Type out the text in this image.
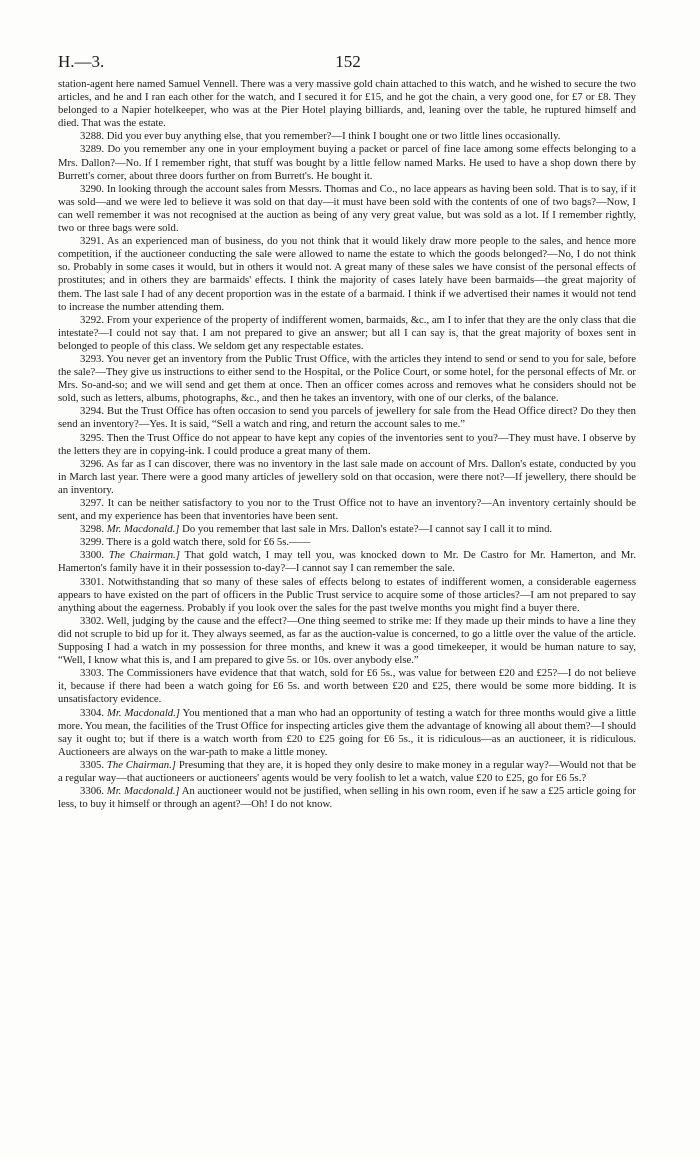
H.—3.	152

station-agent here named Samuel Vennell. There was a very massive gold chain attached to this watch, and he wished to secure the two articles, and he and I ran each other for the watch, and I secured it for £15, and he got the chain, a very good one, for £7 or £8. They belonged to a Napier hotelkeeper, who was at the Pier Hotel playing billiards, and, leaning over the table, he ruptured himself and died. That was the estate.

3288. Did you ever buy anything else, that you remember?—I think I bought one or two little lines occasionally.

3289. Do you remember any one in your employment buying a packet or parcel of fine lace among some effects belonging to a Mrs. Dallon?—No. If I remember right, that stuff was bought by a little fellow named Marks. He used to have a shop down there by Burrett's corner, about three doors further on from Burrett's. He bought it.

3290. In looking through the account sales from Messrs. Thomas and Co., no lace appears as having been sold. That is to say, if it was sold—and we were led to believe it was sold on that day—it must have been sold with the contents of one of two bags?—Now, I can well remember it was not recognised at the auction as being of any very great value, but was sold as a lot. If I remember rightly, two or three bags were sold.

3291. As an experienced man of business, do you not think that it would likely draw more people to the sales, and hence more competition, if the auctioneer conducting the sale were allowed to name the estate to which the goods belonged?—No, I do not think so. Probably in some cases it would, but in others it would not. A great many of these sales we have consist of the personal effects of prostitutes; and in others they are barmaids' effects. I think the majority of cases lately have been barmaids—the great majority of them. The last sale I had of any decent proportion was in the estate of a barmaid. I think if we advertised their names it would not tend to increase the number attending them.

3292. From your experience of the property of indifferent women, barmaids, &c., am I to infer that they are the only class that die intestate?—I could not say that. I am not prepared to give an answer; but all I can say is, that the great majority of boxes sent in belonged to people of this class. We seldom get any respectable estates.

3293. You never get an inventory from the Public Trust Office, with the articles they intend to send or send to you for sale, before the sale?—They give us instructions to either send to the Hospital, or the Police Court, or some hotel, for the personal effects of Mr. or Mrs. So-and-so; and we will send and get them at once. Then an officer comes across and removes what he considers should not be sold, such as letters, albums, photographs, &c., and then he takes an inventory, with one of our clerks, of the balance.

3294. But the Trust Office has often occasion to send you parcels of jewellery for sale from the Head Office direct? Do they then send an inventory?—Yes. It is said, “Sell a watch and ring, and return the account sales to me.”

3295. Then the Trust Office do not appear to have kept any copies of the inventories sent to you?—They must have. I observe by the letters they are in copying-ink. I could produce a great many of them.

3296. As far as I can discover, there was no inventory in the last sale made on account of Mrs. Dallon's estate, conducted by you in March last year. There were a good many articles of jewellery sold on that occasion, were there not?—If jewellery, there should be an inventory.

3297. It can be neither satisfactory to you nor to the Trust Office not to have an inventory?—An inventory certainly should be sent, and my experience has been that inventories have been sent.

3298. Mr. Macdonald.] Do you remember that last sale in Mrs. Dallon's estate?—I cannot say I call it to mind.

3299. There is a gold watch there, sold for £6 5s.——

3300. The Chairman.] That gold watch, I may tell you, was knocked down to Mr. De Castro for Mr. Hamerton, and Mr. Hamerton's family have it in their possession to-day?—I cannot say I can remember the sale.

3301. Notwithstanding that so many of these sales of effects belong to estates of indifferent women, a considerable eagerness appears to have existed on the part of officers in the Public Trust service to acquire some of those articles?—I am not prepared to say anything about the eagerness. Probably if you look over the sales for the past twelve months you might find a buyer there.

3302. Well, judging by the cause and the effect?—One thing seemed to strike me: If they made up their minds to have a line they did not scruple to bid up for it. They always seemed, as far as the auction-value is concerned, to go a little over the value of the article. Supposing I had a watch in my possession for three months, and knew it was a good timekeeper, it would be human nature to say, “Well, I know what this is, and I am prepared to give 5s. or 10s. over anybody else.”

3303. The Commissioners have evidence that that watch, sold for £6 5s., was value for between £20 and £25?—I do not believe it, because if there had been a watch going for £6 5s. and worth between £20 and £25, there would be some more bidding. It is unsatisfactory evidence.

3304. Mr. Macdonald.] You mentioned that a man who had an opportunity of testing a watch for three months would give a little more. You mean, the facilities of the Trust Office for inspecting articles give them the advantage of knowing all about them?—I should say it ought to; but if there is a watch worth from £20 to £25 going for £6 5s., it is ridiculous—as an auctioneer, it is ridiculous. Auctioneers are always on the war-path to make a little money.

3305. The Chairman.] Presuming that they are, it is hoped they only desire to make money in a regular way?—Would not that be a regular way—that auctioneers or auctioneers' agents would be very foolish to let a watch, value £20 to £25, go for £6 5s.?

3306. Mr. Macdonald.] An auctioneer would not be justified, when selling in his own room, even if he saw a £25 article going for less, to buy it himself or through an agent?—Oh! I do not know.
